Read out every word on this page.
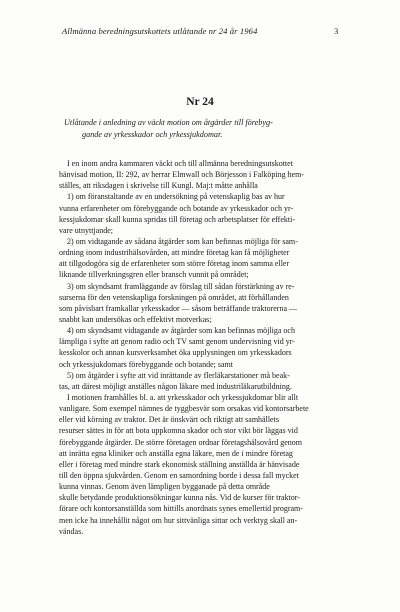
Allmänna beredningsutskottets utlåtande nr 24 år 1964	3
Nr 24
Utlåtande i anledning av väckt motion om åtgärder till förebyg-
gande av yrkesskador och yrkessjukdomar.
I en inom andra kammaren väckt och till allmänna beredningsutskottet
hänvisad motion, II: 292, av herrar Elmwall och Börjesson i Falköping hem-
ställes, att riksdagen i skrivelse till Kungl. Maj:t måtte anhålla
1) om föranstaltande av en undersökning på vetenskaplig bas av hur
vunna erfarenheter om förebyggande och botande av yrkesskador och yr-
kessjukdomar skall kunna spridas till företag och arbetsplatser för effekti-
vare utnyttjande;
2) om vidtagande av sådana åtgärder som kan befinnas möjliga för sam-
ordning inom industrihälsovården, att mindre företag kan få möjligheter
att tillgodogöra sig de erfarenheter som större företag inom samma eller
liknande tillverkningsgren eller bransch vunnit på området;
3) om skyndsamt framläggande av förslag till sådan förstärkning av re-
surserna för den vetenskapliga forskningen på området, att förhållanden
som påvisbart framkallar yrkesskador — såsom beträffande traktorerna —
snabbt kan undersökas och effektivt motverkas;
4) om skyndsamt vidtagande av åtgärder som kan befinnas möjliga och
lämpliga i syfte att genom radio och TV samt genom undervisning vid yr-
kesskolor och annan kursverksamhet öka upplysningen om yrkesskadors
och yrkessjukdomars förebyggande och botande; samt
5) om åtgärder i syfte att vid inrättande av flerläkarstationer må beak-
tas, att därest möjligt anställes någon läkare med industriläkarutbildning.
I motionen framhålles bl. a. att yrkesskador och yrkessjukdomar blir allt
vanligare. Som exempel nämnes de tyggbesvär som orsakas vid kontorsarbete
eller vid körning av traktor. Det är önskvärt och riktigt att samhällets
resurser sättes in för att bota uppkomna skador och stor vikt bör läggas vid
förebyggande åtgärder. De större företagen ordnar företagshälsovård genom
att inrätta egna kliniker och anställa egna läkare, men de i mindre företag
eller i företag med mindre stark ekonomisk ställning anställda är hänvisade
till den öppna sjukvården. Genom en samordning borde i dessa fall mycket
kunna vinnas. Genom även lämpligen bygganade på detta område
skulle betydande produktionsökningar kunna nås. Vid de kurser för traktor-
förare och kontorsanställda som hittills anordnats synes emellertid program-
men icke ha innehållit något om hur sittvänliga sittar och verktyg skall an-
vändas.
